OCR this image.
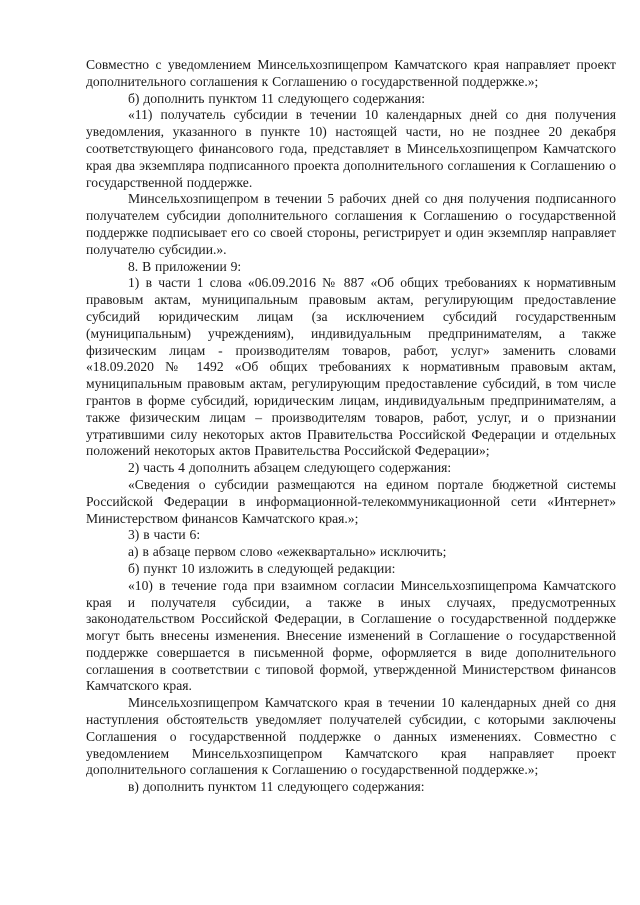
Совместно с уведомлением Минсельхозпищепром Камчатского края направляет проект дополнительного соглашения к Соглашению о государственной поддержке.»;

б) дополнить пунктом 11 следующего содержания:

«11) получатель субсидии в течении 10 календарных дней со дня получения уведомления, указанного в пункте 10) настоящей части, но не позднее 20 декабря соответствующего финансового года, представляет в Минсельхозпищепром Камчатского края два экземпляра подписанного проекта дополнительного соглашения к Соглашению о государственной поддержке.

Минсельхозпищепром в течении 5 рабочих дней со дня получения подписанного получателем субсидии дополнительного соглашения к Соглашению о государственной поддержке подписывает его со своей стороны, регистрирует и один экземпляр направляет получателю субсидии.».

8. В приложении 9:

1) в части 1 слова «06.09.2016 № 887 «Об общих требованиях к нормативным правовым актам, муниципальным правовым актам, регулирующим предоставление субсидий юридическим лицам (за исключением субсидий государственным (муниципальным) учреждениям), индивидуальным предпринимателям, а также физическим лицам - производителям товаров, работ, услуг» заменить словами «18.09.2020 № 1492 «Об общих требованиях к нормативным правовым актам, муниципальным правовым актам, регулирующим предоставление субсидий, в том числе грантов в форме субсидий, юридическим лицам, индивидуальным предпринимателям, а также физическим лицам – производителям товаров, работ, услуг, и о признании утратившими силу некоторых актов Правительства Российской Федерации и отдельных положений некоторых актов Правительства Российской Федерации»;

2) часть 4 дополнить абзацем следующего содержания:

«Сведения о субсидии размещаются на едином портале бюджетной системы Российской Федерации в информационной-телекоммуникационной сети «Интернет» Министерством финансов Камчатского края.»;

3) в части 6:

а) в абзаце первом слово «ежеквартально» исключить;

б) пункт 10 изложить в следующей редакции:

«10) в течение года при взаимном согласии Минсельхозпищепрома Камчатского края и получателя субсидии, а также в иных случаях, предусмотренных законодательством Российской Федерации, в Соглашение о государственной поддержке могут быть внесены изменения. Внесение изменений в Соглашение о государственной поддержке совершается в письменной форме, оформляется в виде дополнительного соглашения в соответствии с типовой формой, утвержденной Министерством финансов Камчатского края.

Минсельхозпищепром Камчатского края в течении 10 календарных дней со дня наступления обстоятельств уведомляет получателей субсидии, с которыми заключены Соглашения о государственной поддержке о данных изменениях. Совместно с уведомлением Минсельхозпищепром Камчатского края направляет проект дополнительного соглашения к Соглашению о государственной поддержке.»;

в) дополнить пунктом 11 следующего содержания:
